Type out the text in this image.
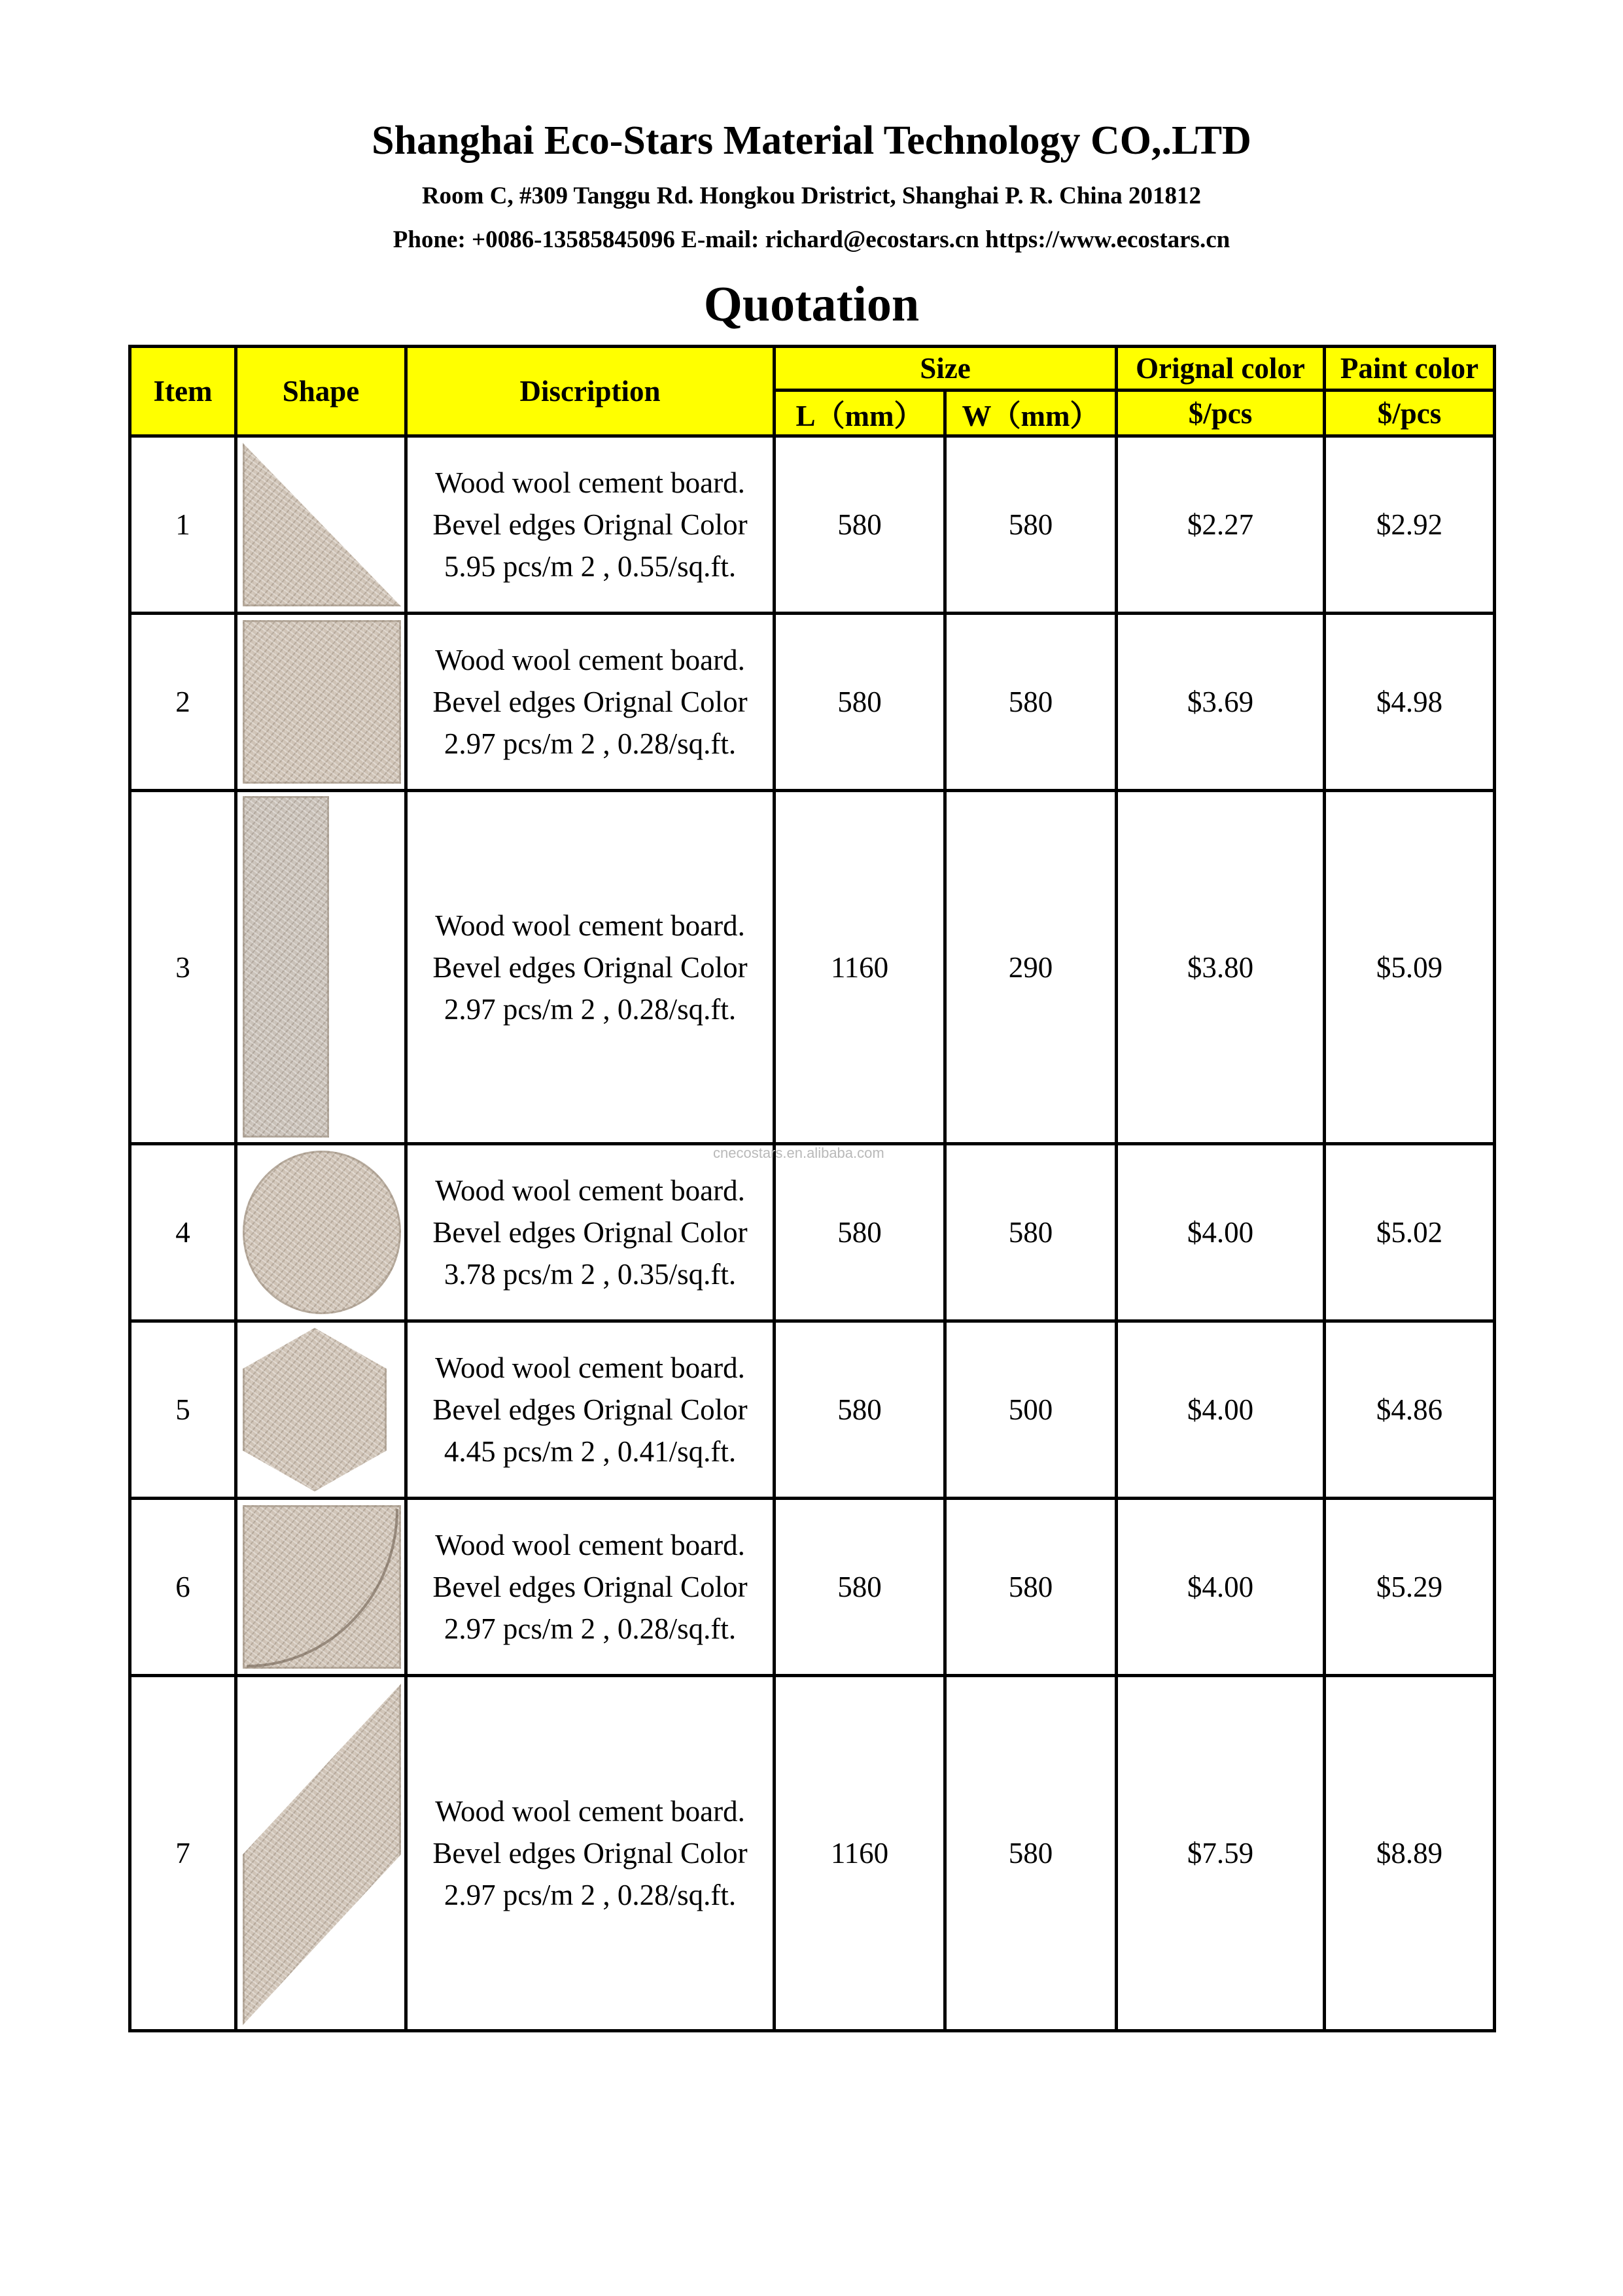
Shanghai Eco-Stars Material Technology CO,.LTD
Room C, #309 Tanggu Rd. Hongkou Dristrict, Shanghai P. R. China 201812
Phone: +0086-13585845096 E-mail: richard@ecostars.cn https://www.ecostars.cn
Quotation
Item	Shape	Discription	Size		Orignal color	Paint color
			L（mm）	W（mm）	$/pcs	$/pcs
1		Wood wool cement board. Bevel edges Orignal Color 5.95 pcs/m 2 , 0.55/sq.ft.	580	580	$2.27	$2.92
2		Wood wool cement board. Bevel edges Orignal Color 2.97 pcs/m 2 , 0.28/sq.ft.	580	580	$3.69	$4.98
3		Wood wool cement board. Bevel edges Orignal Color 2.97 pcs/m 2 , 0.28/sq.ft.	1160	290	$3.80	$5.09
4		Wood wool cement board. Bevel edges Orignal Color 3.78 pcs/m 2 , 0.35/sq.ft.	580	580	$4.00	$5.02
5		Wood wool cement board. Bevel edges Orignal Color 4.45 pcs/m 2 , 0.41/sq.ft.	580	500	$4.00	$4.86
6		Wood wool cement board. Bevel edges Orignal Color 2.97 pcs/m 2 , 0.28/sq.ft.	580	580	$4.00	$5.29
7		Wood wool cement board. Bevel edges Orignal Color 2.97 pcs/m 2 , 0.28/sq.ft.	1160	580	$7.59	$8.89
cnecostars.en.alibaba.com
